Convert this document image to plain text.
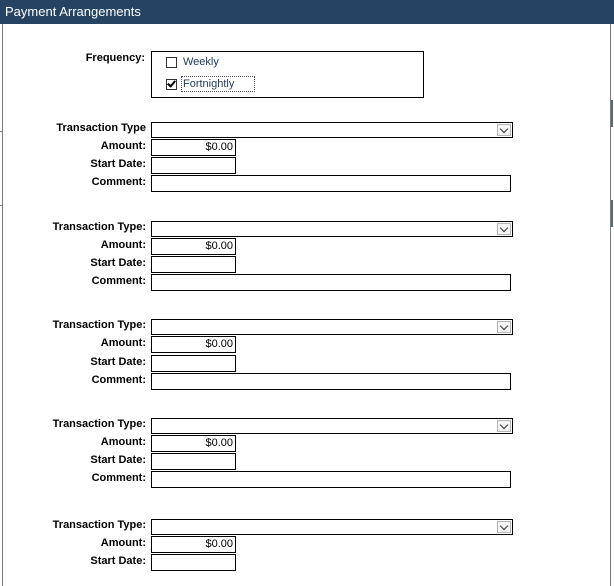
Payment Arrangements
Frequency:	Weekly
Fortnightly
Transaction Type
Amount:	$0.00
Start Date:
Comment:
Transaction Type:
Amount:	$0.00
Start Date:
Comment:
Transaction Type:
Amount:	$0.00
Start Date:
Comment:
Transaction Type:
Amount:	$0.00
Start Date:
Comment:
Transaction Type:
Amount:	$0.00
Start Date:
